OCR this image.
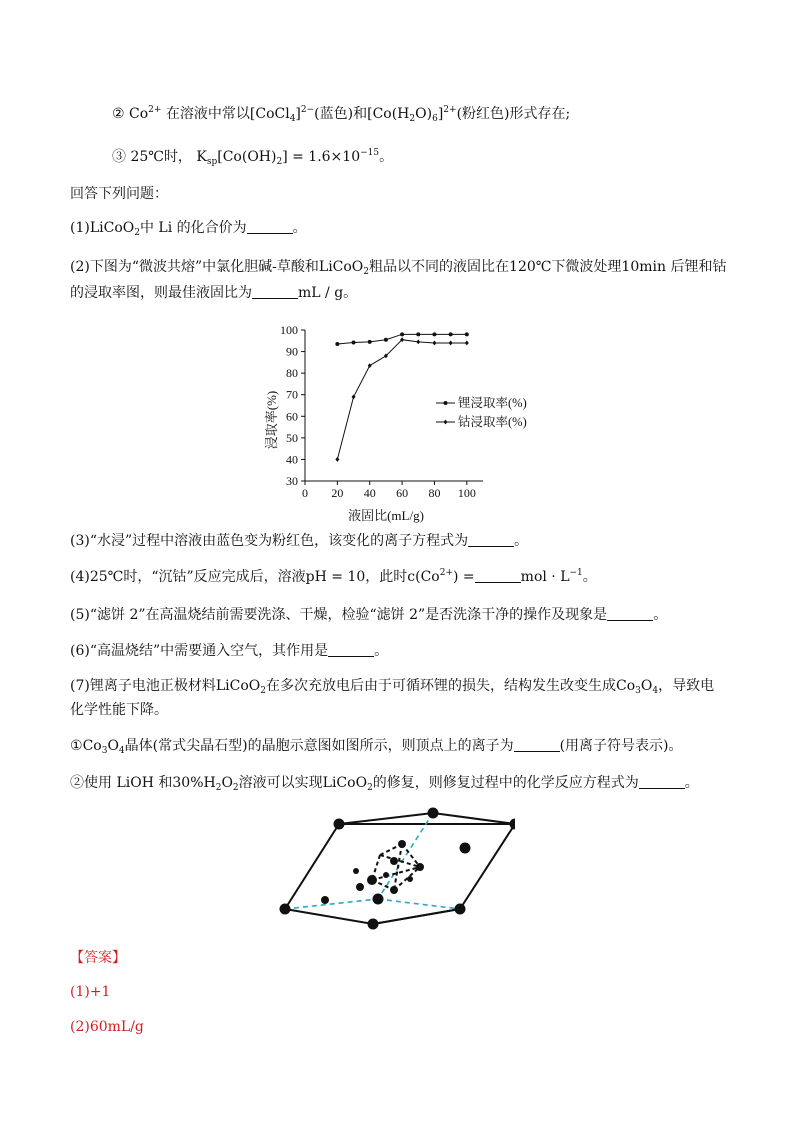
② $Co^{2+}$ 在溶液中常以[CoCl$_4$]$^{2-}$(蓝色)和$[Co(H_2O)_6]^{2+}$(粉红色)形式存在;
③ 25℃时， $K_{sp}[Co(OH)_2] = 1.6\times 10^{-15}$。
回答下列问题：
(1)LiCoO$_2$中 Li 的化合价为	。
(2)下图为“微波共熔”中氯化胆碱-草酸和LiCoO$_2$粗品以不同的液固比在120℃下微波处理10min 后锂和钴
的浸取率图，则最佳液固比为	mL / g。
0 20 40 60 80 100
30
40
50
60
70
80
90
100
锂浸取率(%)
钴浸取率(%)
液固比(mL/g)
浸取率(%)
(3)“水浸”过程中溶液由蓝色变为粉红色，该变化的离子方程式为	。
(4)25℃时，“沉钴”反应完成后，溶液pH = 10，此时$c(Co^{2+})$ =	mol · $L^{-1}$。
(5)“滤饼 2”在高温烧结前需要洗涤、干燥，检验“滤饼 2”是否洗涤干净的操作及现象是	。
(6)“高温烧结”中需要通入空气，其作用是	。
(7)锂离子电池正极材料LiCoO$_2$在多次充放电后由于可循环锂的损失，结构发生改变生成$Co_3O_4$，导致电
化学性能下降。
$①Co_3O_4$晶体(常式尖晶石型)的晶胞示意图如图所示，则顶点上的离子为	(用离子符号表示)。
②使用 LiOH 和$30\%H_2O_2$溶液可以实现LiCoO$_2$的修复，则修复过程中的化学反应方程式为	。
【答案】
(1)+1
(2)60mL/g
